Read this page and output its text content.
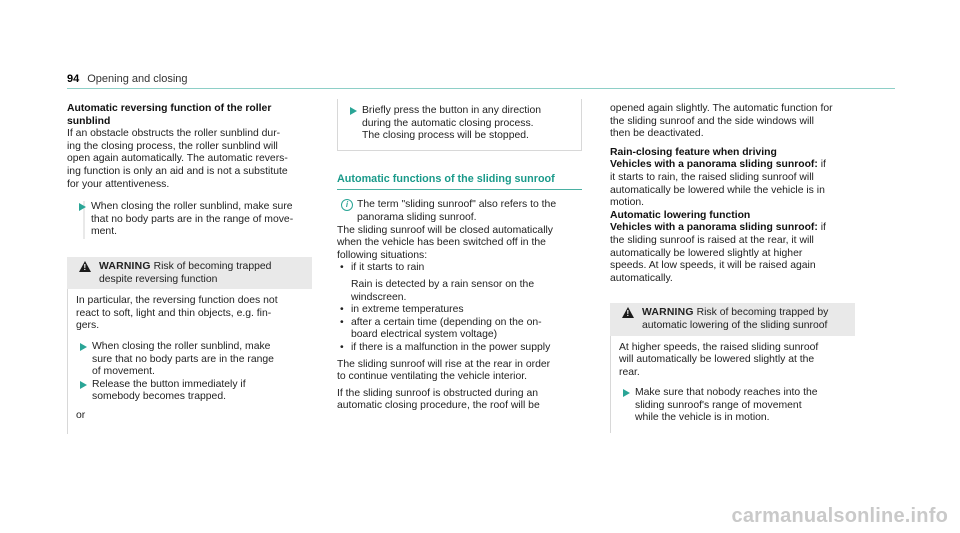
94 Opening and closing

Automatic reversing function of the roller sunblind

If an obstacle obstructs the roller sunblind dur-

ing the closing process, the roller sunblind will

open again automatically. The automatic revers-

ing function is only an aid and is not a substitute

for your attentiveness.

When closing the roller sunblind, make sure

that no body parts are in the range of move-

ment.

!

WARNING Risk of becoming trapped

despite reversing function

In particular, the reversing function does not

react to soft, light and thin objects, e.g. fin-

gers.

When closing the roller sunblind, make

sure that no body parts are in the range

of movement.

Release the button immediately if

somebody becomes trapped.

or

Briefly press the button in any direction

during the automatic closing process.

The closing process will be stopped.

Automatic functions of the sliding sunroof

i The term "sliding sunroof" also refers to the

panorama sliding sunroof.

The sliding sunroof will be closed automatically

when the vehicle has been switched off in the

following situations:

• if it starts to rain

Rain is detected by a rain sensor on the

windscreen.

• in extreme temperatures

• after a certain time (depending on the on-

board electrical system voltage)

• if there is a malfunction in the power supply

The sliding sunroof will rise at the rear in order

to continue ventilating the vehicle interior.

If the sliding sunroof is obstructed during an

automatic closing procedure, the roof will be

opened again slightly. The automatic function for

the sliding sunroof and the side windows will

then be deactivated.

Rain-closing feature when driving

Vehicles with a panorama sliding sunroof: if

it starts to rain, the raised sliding sunroof will

automatically be lowered while the vehicle is in

motion.

Automatic lowering function

Vehicles with a panorama sliding sunroof: if

the sliding sunroof is raised at the rear, it will

automatically be lowered slightly at higher

speeds. At low speeds, it will be raised again

automatically.

!

WARNING Risk of becoming trapped by

automatic lowering of the sliding sunroof

At higher speeds, the raised sliding sunroof

will automatically be lowered slightly at the

rear.

Make sure that nobody reaches into the

sliding sunroof's range of movement

while the vehicle is in motion.

carmanualsonline.info
